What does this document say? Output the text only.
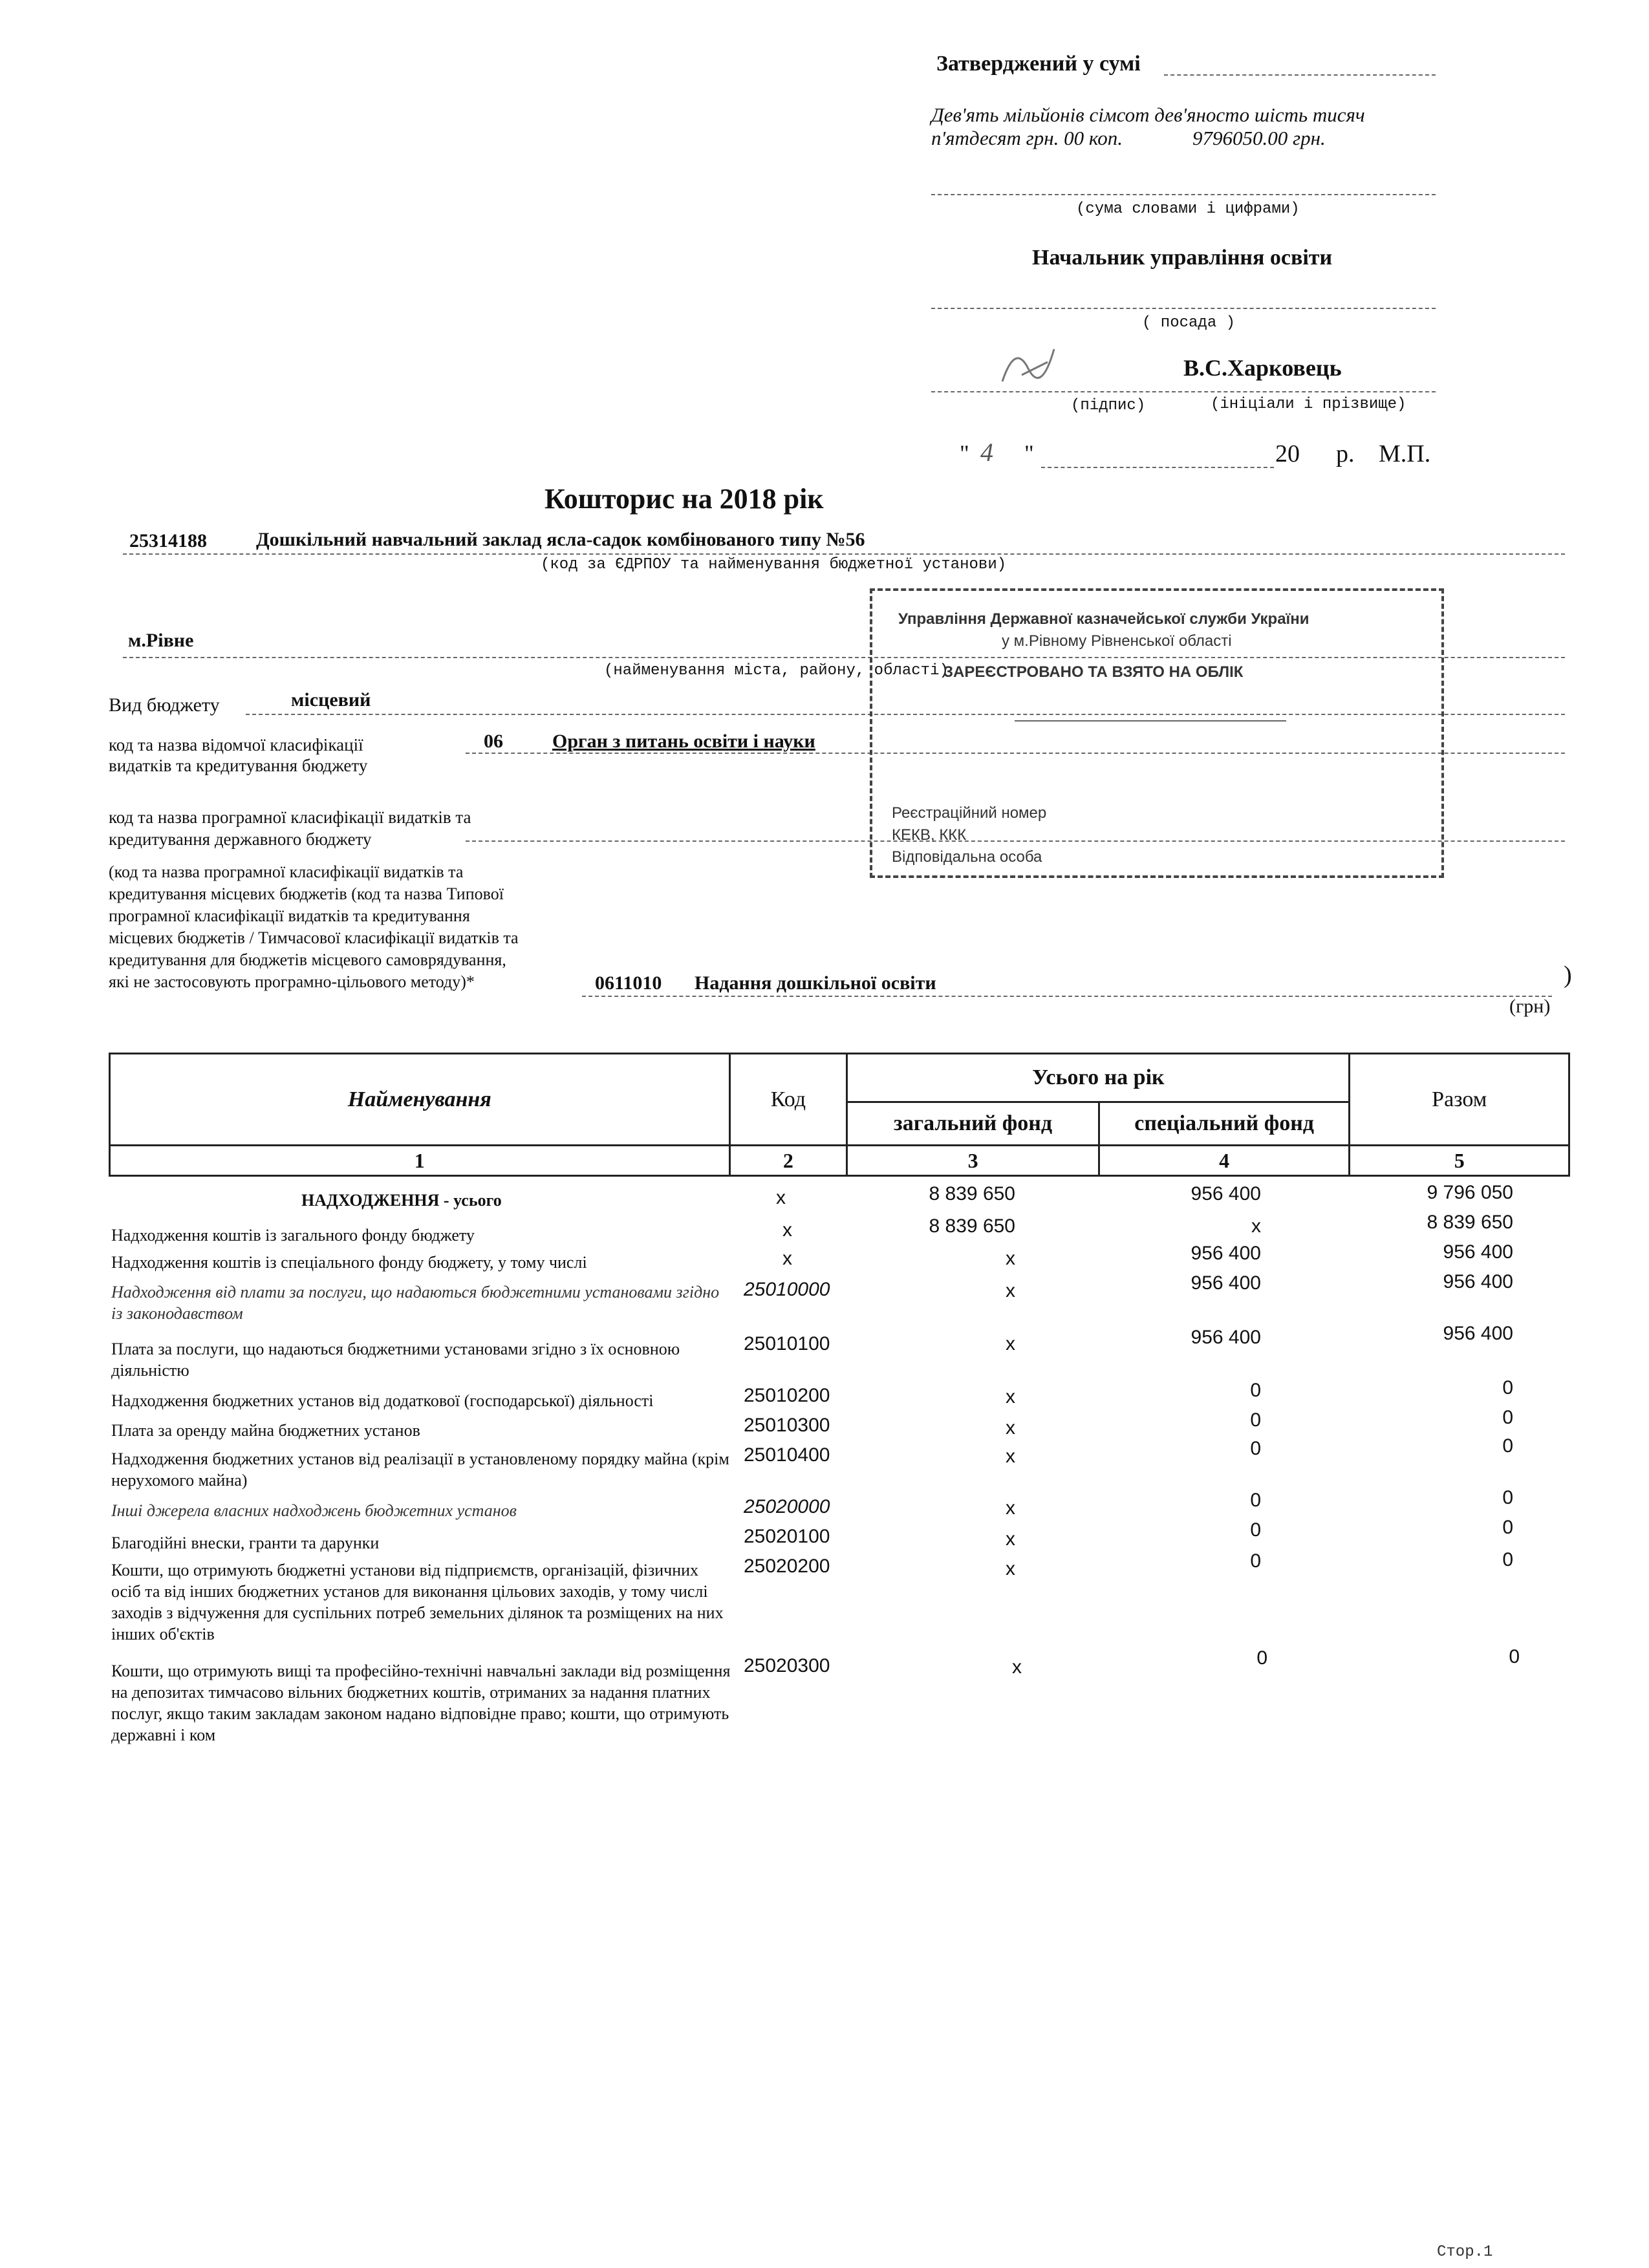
Затверджений у сумі
Дев'ять мільйонів сімсот дев'яносто шість тисяч
п'ятдесят грн. 00 коп.	9796050.00 грн.
(сума словами і цифрами)
Начальник управління освіти
( посада )
В.С.Харковець
(підпис)	(ініціали і прізвище)
" 4 "	20 р. М.П.
Кошторис на 2018 рік
25314188	Дошкільний навчальний заклад ясла-садок комбінованого типу №56
(код за ЄДРПОУ та найменування бюджетної установи)
м.Рівне
(найменування міста, району, області)
Вид бюджету	місцевий
код та назва відомчої класифікації
видатків та кредитування бюджету
06	Орган з питань освіти і науки
код та назва програмної класифікації видатків та
кредитування державного бюджету
(код та назва програмної класифікації видатків та
кредитування місцевих бюджетів (код та назва Типової
програмної класифікації видатків та кредитування
місцевих бюджетів / Тимчасової класифікації видатків та
кредитування для бюджетів місцевого самоврядування,
які не застосовують програмно-цільового методу)*	0611010 Надання дошкільної освіти	)
(грн)
Управління Державної казначейської служби України
у м.Рівному Рівненської області
ЗАРЕЄСТРОВАНО ТА ВЗЯТО НА ОБЛІК
Реєстраційний номер
КЕКВ, ККК
Відповідальна особа
Найменування	Код	Усього на рік		Разом
		загальний фонд	спеціальний фонд	
1	2	3	4	5
НАДХОДЖЕННЯ - усього	x	8 839 650	956 400	9 796 050
Надходження коштів із загального фонду бюджету	x	8 839 650	x	8 839 650
Надходження коштів із спеціального фонду бюджету, у тому числі	x	x	956 400	956 400
Надходження від плати за послуги, що надаються бюджетними установами згідно із законодавством
25010000	x	956 400	956 400
Плата за послуги, що надаються бюджетними установами згідно з їх основною діяльністю
25010100	x	956 400	956 400
Надходження бюджетних установ від додаткової (господарської) діяльності	25010200	x	0	0
Плата за оренду майна бюджетних установ	25010300	x	0	0
Надходження бюджетних установ від реалізації в установленому порядку майна (крім нерухомого майна)
25010400	x	0	0
Інші джерела власних надходжень бюджетних установ	25020000	x	0	0
Благодійні внески, гранти та дарунки	25020100	x	0	0
Кошти, що отримують бюджетні установи від підприємств, організацій, фізичних осіб та від інших бюджетних установ для виконання цільових заходів, у тому числі заходів з відчуження для суспільних потреб земельних ділянок та розміщених на них інших об'єктів
25020200	x	0	0
Кошти, що отримують вищі та професійно-технічні навчальні заклади від розміщення на депозитах тимчасово вільних бюджетних коштів, отриманих за надання платних послуг, якщо таким закладам законом надано відповідне право; кошти, що отримують державні і ком
25020300	x	0	0
Стор.1
